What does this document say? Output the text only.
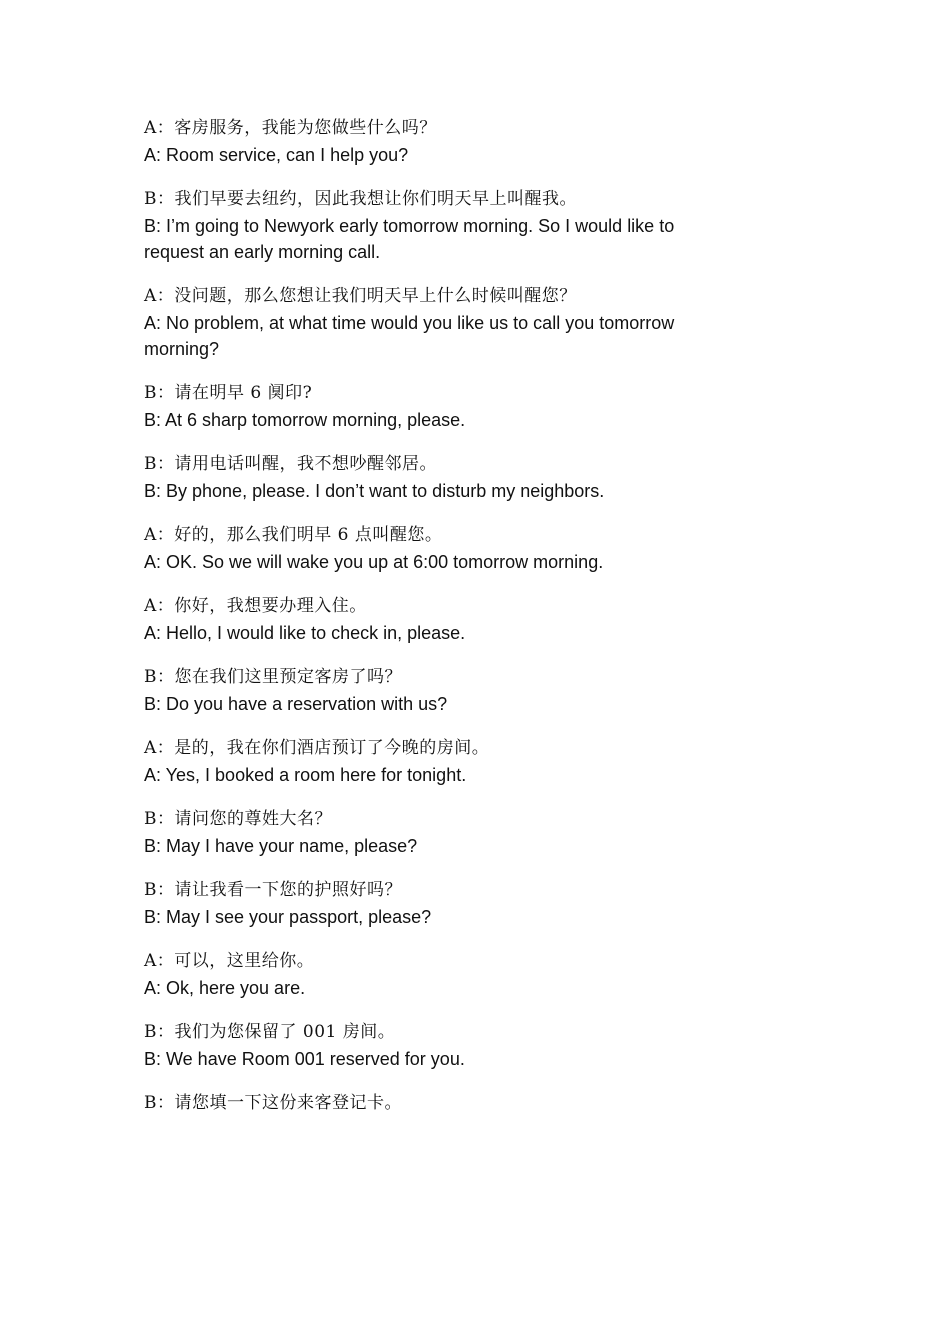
A：客房服务，我能为您做些什么吗？
A: Room service, can I help you?
B：我们早要去纽约，因此我想让你们明天早上叫醒我。
B: I’m going to Newyork early tomorrow morning. So I would like to request an early morning call.
A：没问题，那么您想让我们明天早上什么时候叫醒您？
A: No problem, at what time would you like us to call you tomorrow morning?
B：请在明早 6 阒印?
B: At 6 sharp tomorrow morning, please.
B：请用电话叫醒，我不想吵醒邻居。
B: By phone, please. I don’t want to disturb my neighbors.
A：好的，那么我们明早 6 点叫醒您。
A: OK. So we will wake you up at 6:00 tomorrow morning.
A：你好，我想要办理入住。
A: Hello, I would like to check in, please.
B：您在我们这里预定客房了吗？
B: Do you have a reservation with us?
A：是的，我在你们酒店预订了今晚的房间。
A: Yes, I booked a room here for tonight.
B：请问您的尊姓大名？
B: May I have your name, please?
B：请让我看一下您的护照好吗？
B: May I see your passport, please?
A：可以，这里给你。
A: Ok, here you are.
B：我们为您保留了 001 房间。
B: We have Room 001 reserved for you.
B：请您填一下这份来客登记卡。
